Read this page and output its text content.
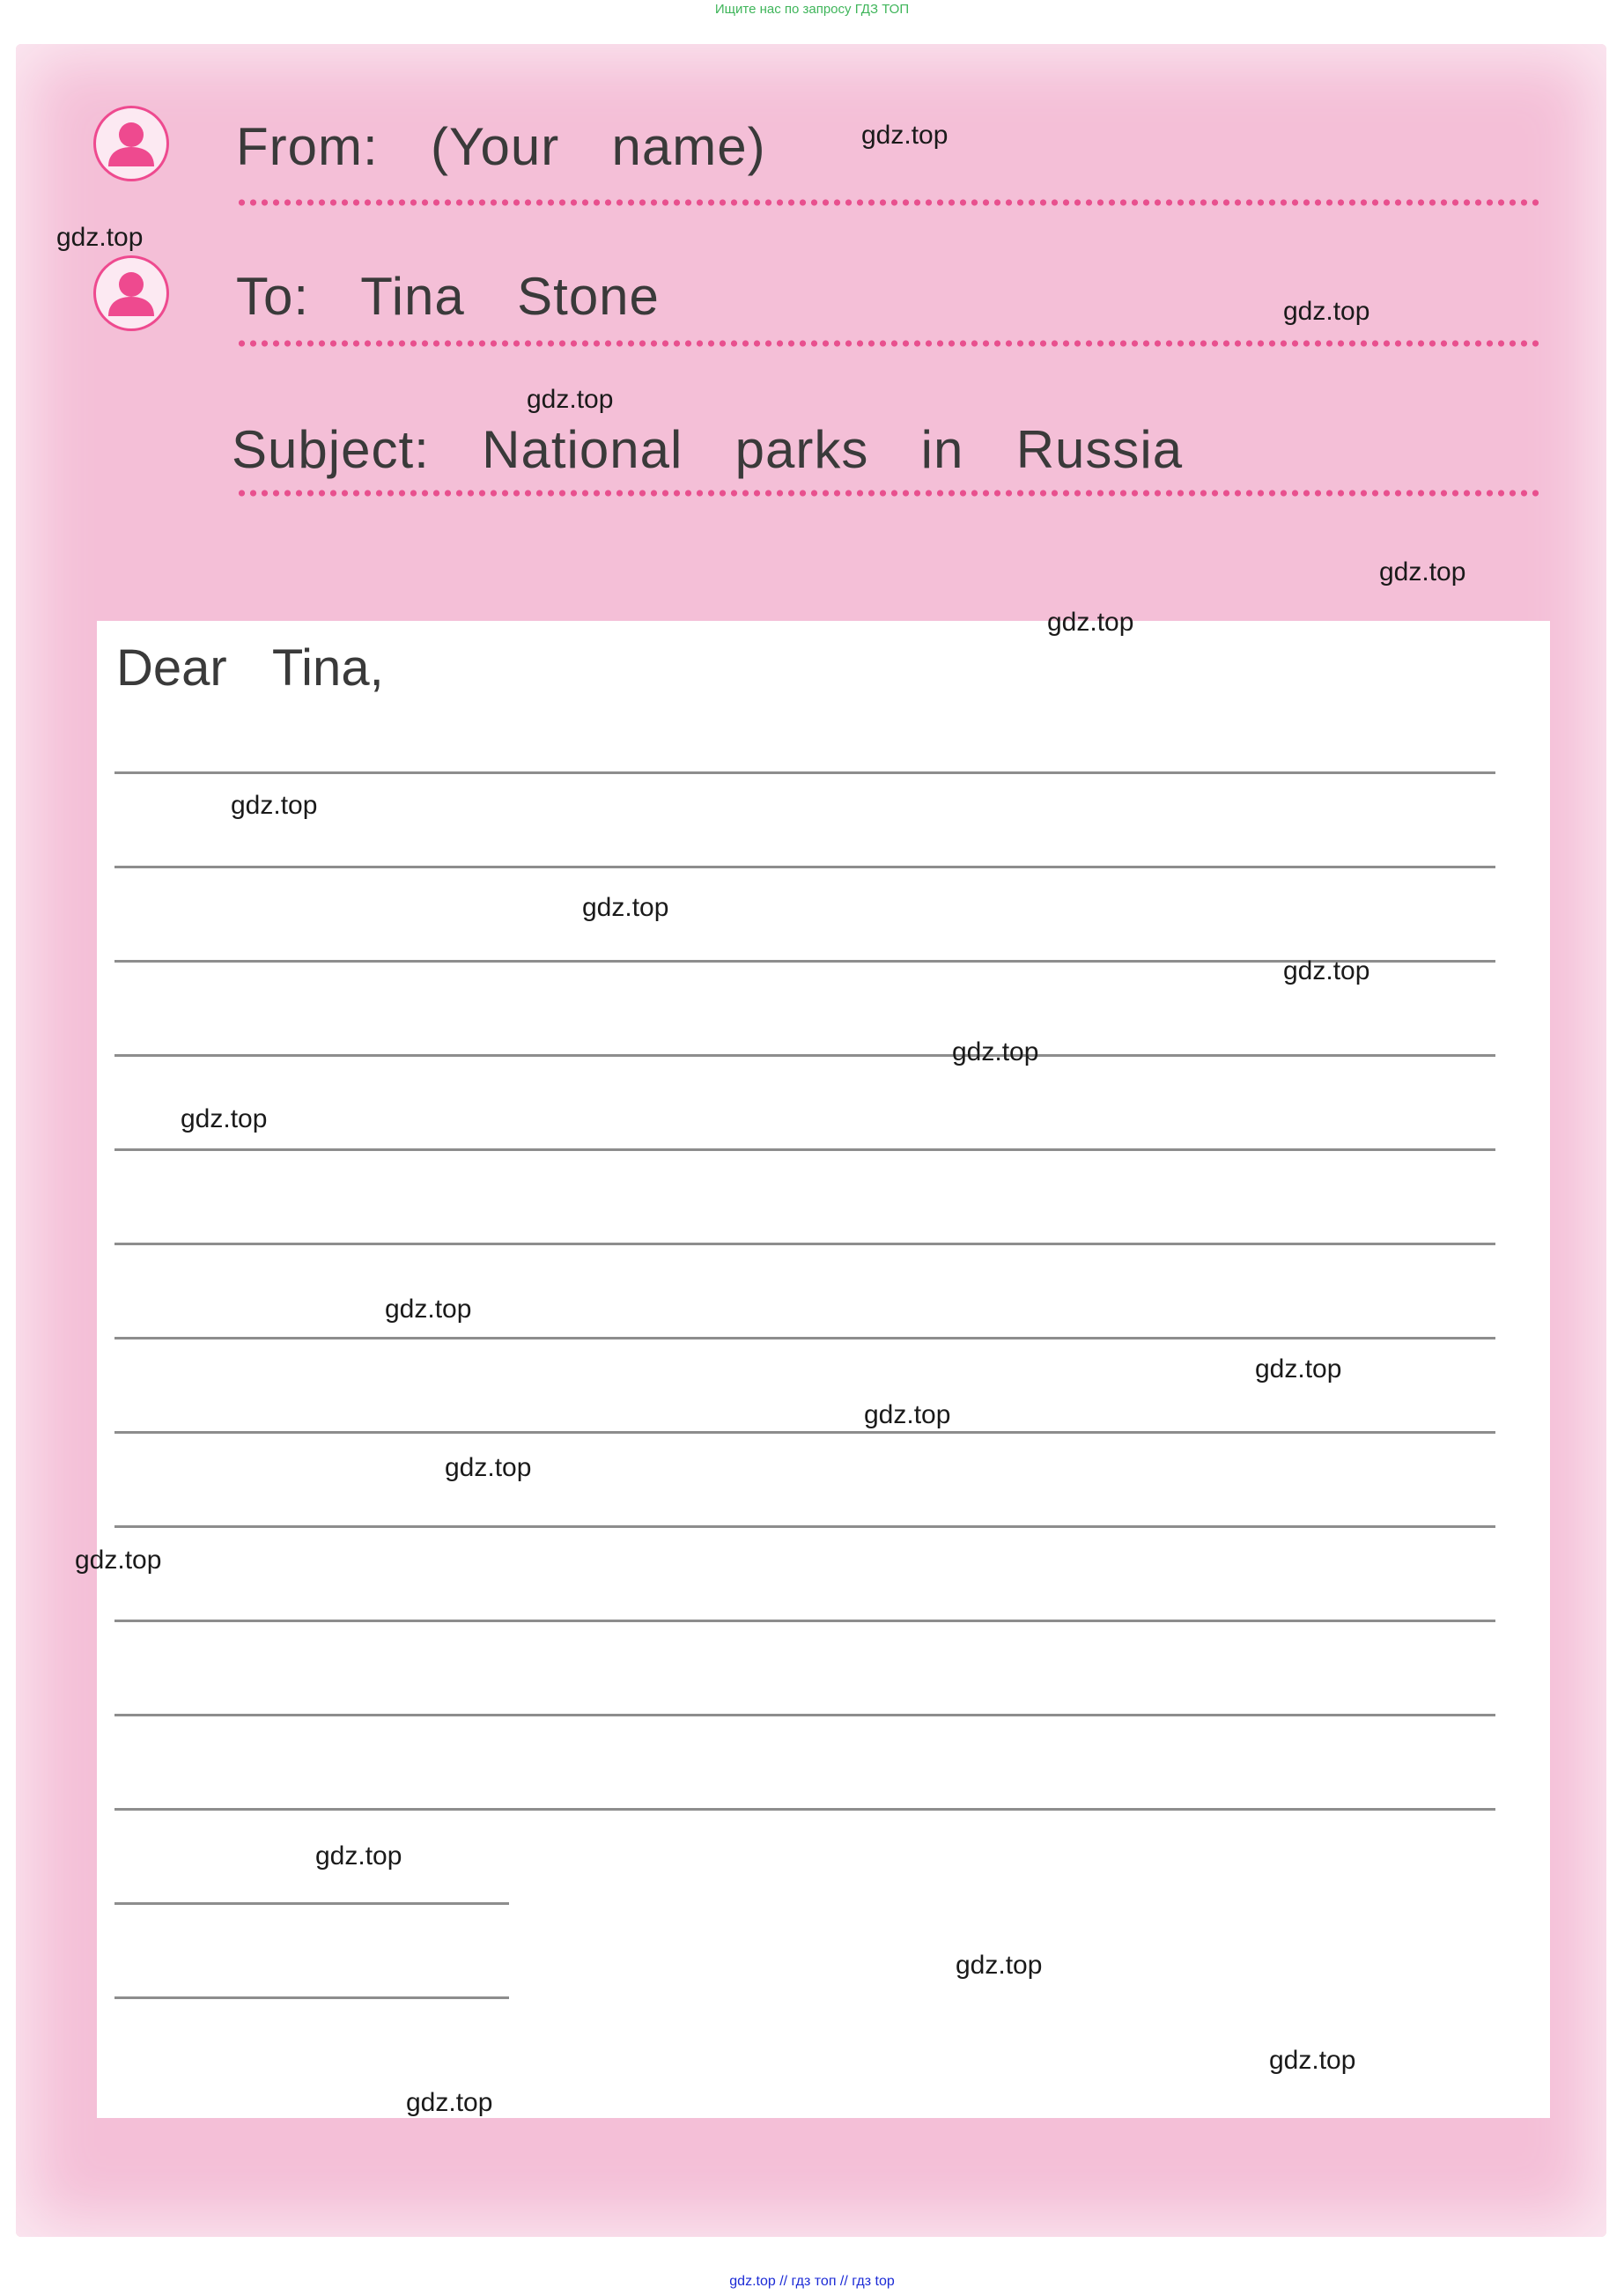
Ищите нас по запросу ГДЗ ТОП
From:  (Your  name)
To:  Tina  Stone
Subject:  National  parks  in  Russia
Dear  Tina,
gdz.top
gdz.top
gdz.top
gdz.top
gdz.top
gdz.top
gdz.top
gdz.top
gdz.top
gdz.top
gdz.top
gdz.top
gdz.top
gdz.top
gdz.top
gdz.top
gdz.top
gdz.top
gdz.top
gdz.top
gdz.top // гдз топ // гдз top
